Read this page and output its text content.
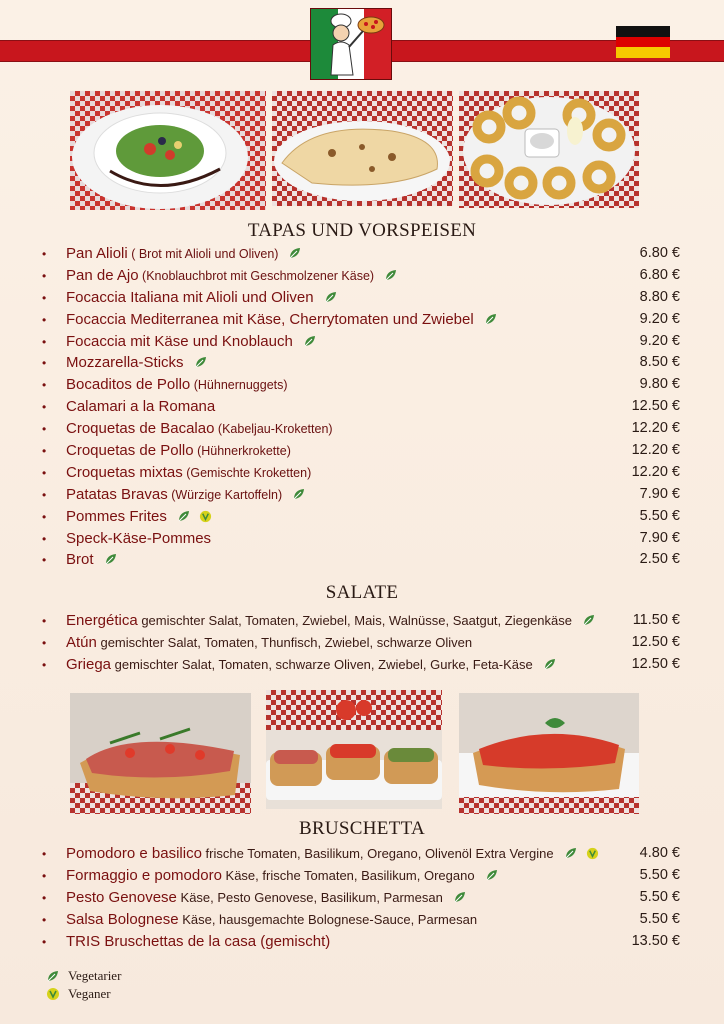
TAPAS UND VORSPEISEN
• Pan Alioli ( Brot mit Alioli und Oliven)	6.80 €
• Pan de Ajo (Knoblauchbrot mit Geschmolzener Käse)	6.80 €
• Focaccia Italiana mit Alioli und Oliven	8.80 €
• Focaccia Mediterranea mit Käse, Cherrytomaten und Zwiebel	9.20 €
• Focaccia mit Käse und Knoblauch	9.20 €
• Mozzarella-Sticks	8.50 €
• Bocaditos de Pollo (Hühnernuggets)	9.80 €
• Calamari a la Romana	12.50 €
• Croquetas de Bacalao (Kabeljau-Kroketten)	12.20 €
• Croquetas de Pollo (Hühnerkrokette)	12.20 €
• Croquetas mixtas (Gemischte Kroketten)	12.20 €
• Patatas Bravas (Würzige Kartoffeln)	7.90 €
• Pommes Frites	5.50 €
• Speck-Käse-Pommes	7.90 €
• Brot	2.50 €
SALATE
• Energética gemischter Salat, Tomaten, Zwiebel, Mais, Walnüsse, Saatgut, Ziegenkäse	11.50 €
• Atún gemischter Salat, Tomaten, Thunfisch, Zwiebel, schwarze Oliven	12.50 €
• Griega gemischter Salat, Tomaten, schwarze Oliven, Zwiebel, Gurke, Feta-Käse	12.50 €
BRUSCHETTA
• Pomodoro e basilico frische Tomaten, Basilikum, Oregano, Olivenöl Extra Vergine	4.80 €
• Formaggio e pomodoro Käse, frische Tomaten, Basilikum, Oregano	5.50 €
• Pesto Genovese Käse, Pesto Genovese, Basilikum, Parmesan	5.50 €
• Salsa Bolognese Käse, hausgemachte Bolognese-Sauce, Parmesan	5.50 €
• TRIS Bruschettas de la casa (gemischt)	13.50 €
Vegetarier
Veganer
